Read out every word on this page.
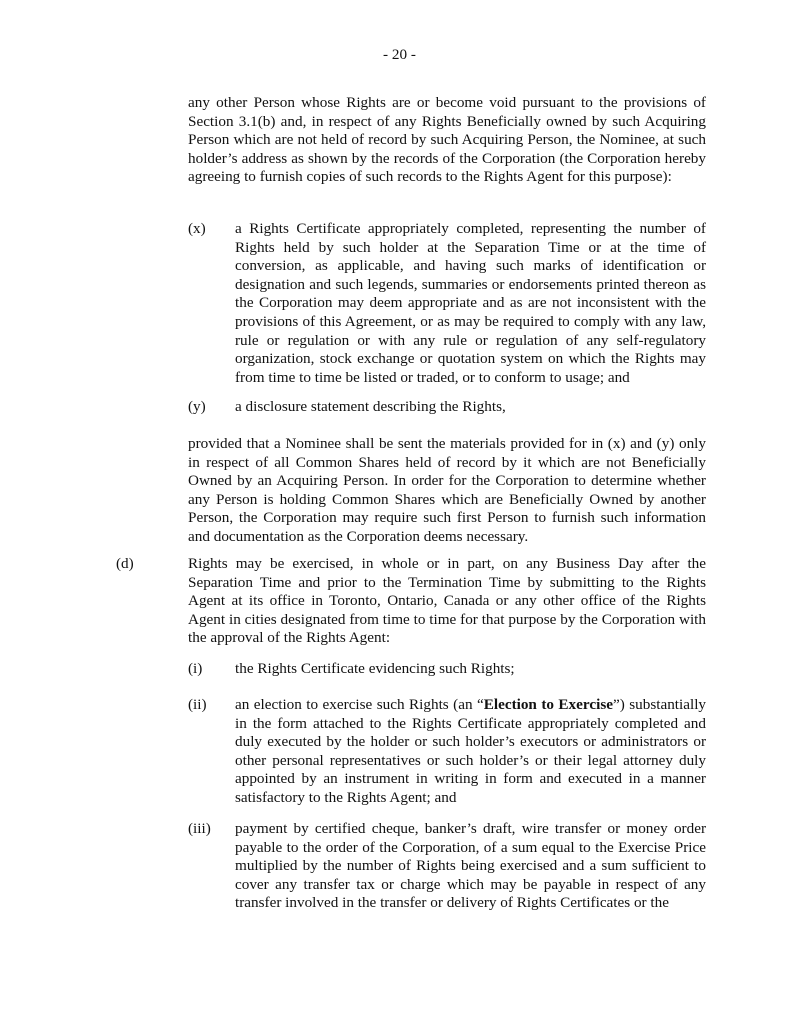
- 20 -
any other Person whose Rights are or become void pursuant to the provisions of Section 3.1(b) and, in respect of any Rights Beneficially owned by such Acquiring Person which are not held of record by such Acquiring Person, the Nominee, at such holder’s address as shown by the records of the Corporation (the Corporation hereby agreeing to furnish copies of such records to the Rights Agent for this purpose):
(x) a Rights Certificate appropriately completed, representing the number of Rights held by such holder at the Separation Time or at the time of conversion, as applicable, and having such marks of identification or designation and such legends, summaries or endorsements printed thereon as the Corporation may deem appropriate and as are not inconsistent with the provisions of this Agreement, or as may be required to comply with any law, rule or regulation or with any rule or regulation of any self-regulatory organization, stock exchange or quotation system on which the Rights may from time to time be listed or traded, or to conform to usage; and
(y) a disclosure statement describing the Rights,
provided that a Nominee shall be sent the materials provided for in (x) and (y) only in respect of all Common Shares held of record by it which are not Beneficially Owned by an Acquiring Person. In order for the Corporation to determine whether any Person is holding Common Shares which are Beneficially Owned by another Person, the Corporation may require such first Person to furnish such information and documentation as the Corporation deems necessary.
(d)	Rights may be exercised, in whole or in part, on any Business Day after the Separation Time and prior to the Termination Time by submitting to the Rights Agent at its office in Toronto, Ontario, Canada or any other office of the Rights Agent in cities designated from time to time for that purpose by the Corporation with the approval of the Rights Agent:
(i) the Rights Certificate evidencing such Rights;
(ii) an election to exercise such Rights (an “Election to Exercise”) substantially in the form attached to the Rights Certificate appropriately completed and duly executed by the holder or such holder’s executors or administrators or other personal representatives or such holder’s or their legal attorney duly appointed by an instrument in writing in form and executed in a manner satisfactory to the Rights Agent; and
(iii) payment by certified cheque, banker’s draft, wire transfer or money order payable to the order of the Corporation, of a sum equal to the Exercise Price multiplied by the number of Rights being exercised and a sum sufficient to cover any transfer tax or charge which may be payable in respect of any transfer involved in the transfer or delivery of Rights Certificates or the
